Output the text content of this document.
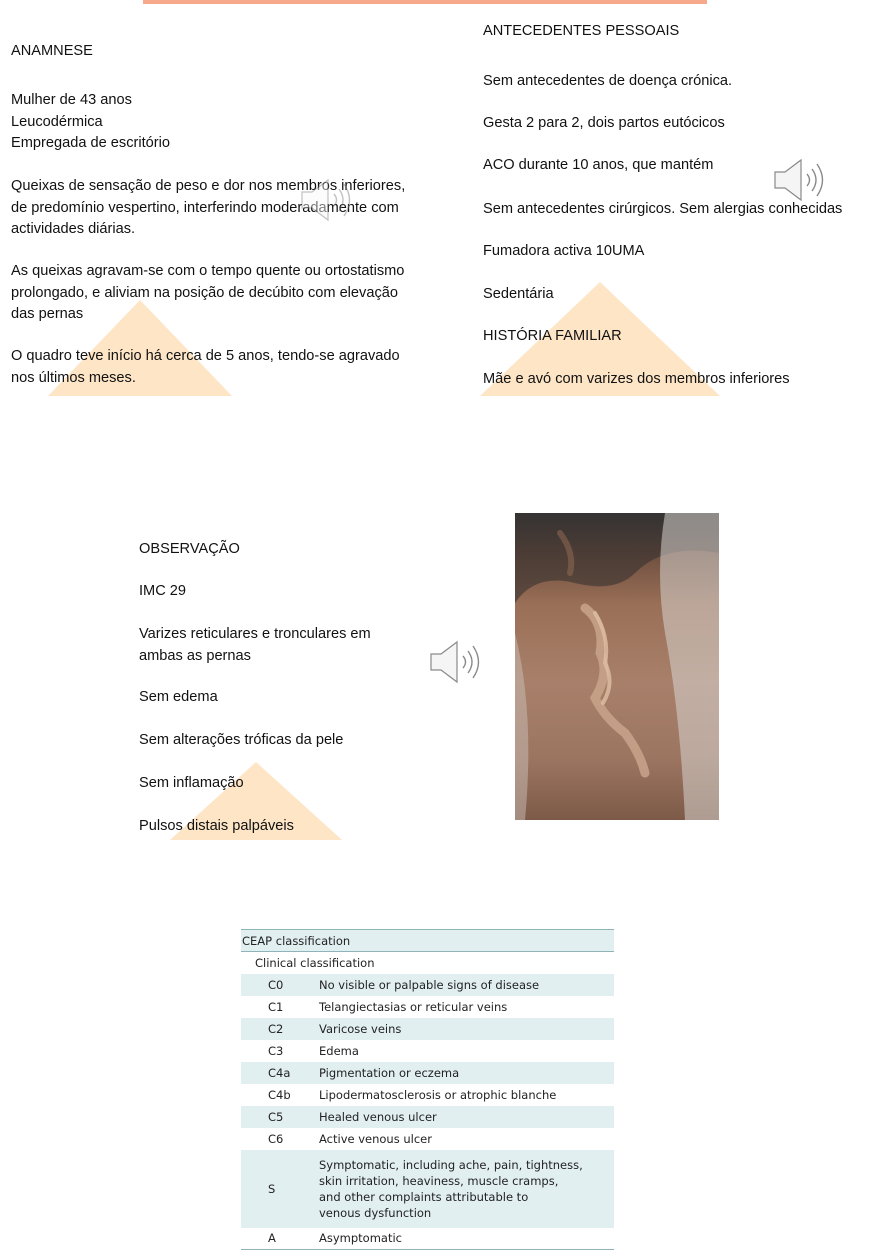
ANAMNESE
Mulher de 43 anos
Leucodérmica
Empregada de escritório
Queixas de sensação de peso e dor nos membros inferiores,
de predomínio vespertino, interferindo com
actividades diárias.
As queixas agravam-se com o tempo quente ou ortostatismo
prolongado, e aliviam na posição de decúbito com elevação
das pernas
O quadro teve início há cerca de 5 anos, tendo-se agravado
nos últimos meses.
ANTECEDENTES PESSOAIS
Sem antecedentes de doença crónica.
Gesta 2 para 2, dois partos eutócicos
ACO durante 10 anos, que mantém
Sem antecedentes cirúrgicos. Sem alergias conhecidas
Fumadora activa 10UMA
Sedentária
HISTÓRIA FAMILIAR
Mãe e avó com varizes dos membros inferiores
OBSERVAÇÃO
IMC 29
Varizes reticulares e tronculares em
ambas as pernas
Sem edema
Sem alterações tróficas da pele
Sem inflamação
Pulsos distais palpáveis
CEAP classification	
Clinical classification	
C0	No visible or palpable signs of disease
C1	Telangiectasias or reticular veins
C2	Varicose veins
C3	Edema
C4a	Pigmentation or eczema
C4b	Lipodermatosclerosis or atrophic blanche
C5	Healed venous ulcer
C6	Active venous ulcer
S	Symptomatic, including ache, pain, tightness,
skin irritation, heaviness, muscle cramps,
and other complaints attributable to
venous dysfunction
A	Asymptomatic
